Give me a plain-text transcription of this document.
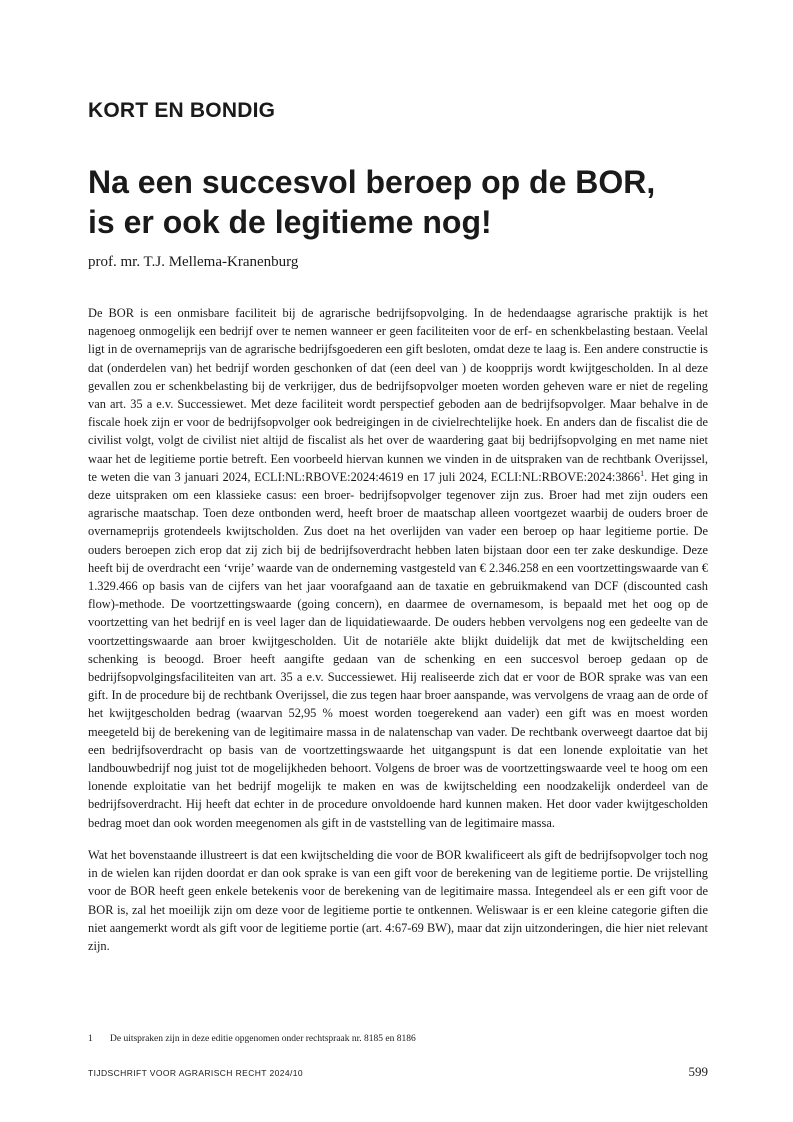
KORT EN BONDIG
Na een succesvol beroep op de BOR,
is er ook de legitieme nog!

prof. mr. T.J. Mellema-Kranenburg

De BOR is een onmisbare faciliteit bij de agrarische bedrijfsopvolging. In de hedendaagse agrarische praktijk is het nagenoeg onmogelijk een bedrijf over te nemen wanneer er geen faciliteiten voor de erf- en schenkbelasting bestaan. Veelal ligt in de overnameprijs van de agrarische bedrijfsgoederen een gift besloten, omdat deze te laag is. Een andere constructie is dat (onderdelen van) het bedrijf worden geschonken of dat (een deel van ) de koopprijs wordt kwijtgescholden. In al deze gevallen zou er schenkbelasting bij de verkrijger, dus de bedrijfsopvolger moeten worden geheven ware er niet de regeling van art. 35 a e.v. Successiewet. Met deze faciliteit wordt perspectief geboden aan de bedrijfsopvolger. Maar behalve in de fiscale hoek zijn er voor de bedrijfsopvolger ook bedreigingen in de civielrechtelijke hoek. En anders dan de fiscalist die de civilist volgt, volgt de civilist niet altijd de fiscalist als het over de waardering gaat bij bedrijfsopvolging en met name niet waar het de legitieme portie betreft. Een voorbeeld hiervan kunnen we vinden in de uitspraken van de rechtbank Overijssel, te weten die van 3 januari 2024, ECLI:NL:RBOVE:2024:4619 en 17 juli 2024, ECLI:NL:RBOVE:2024:3866$^1$. Het ging in deze uitspraken om een klassieke casus: een broer- bedrijfsopvolger tegenover zijn zus. Broer had met zijn ouders een agrarische maatschap. Toen deze ontbonden werd, heeft broer de maatschap alleen voortgezet waarbij de ouders broer de overnameprijs grotendeels kwijtscholden. Zus doet na het overlijden van vader een beroep op haar legitieme portie. De ouders beroepen zich erop dat zij zich bij de bedrijfsoverdracht hebben laten bijstaan door een ter zake deskundige. Deze heeft bij de overdracht een ‘vrije’ waarde van de onderneming vastgesteld van € 2.346.258 en een voortzettingswaarde van € 1.329.466 op basis van de cijfers van het jaar voorafgaand aan de taxatie en gebruikmakend van DCF (discounted cash flow)-methode. De voortzettingswaarde (going concern), en daarmee de overnamesom, is bepaald met het oog op de voortzetting van het bedrijf en is veel lager dan de liquidatiewaarde. De ouders hebben vervolgens nog een gedeelte van de voortzettingswaarde aan broer kwijtgescholden. Uit de notariële akte blijkt duidelijk dat met de kwijtschelding een schenking is beoogd. Broer heeft aangifte gedaan van de schenking en een succesvol beroep gedaan op de bedrijfsopvolgingsfaciliteiten van art. 35 a e.v. Successiewet. Hij realiseerde zich dat er voor de BOR sprake was van een gift. In de procedure bij de rechtbank Overijssel, die zus tegen haar broer aanspande, was vervolgens de vraag aan de orde of het kwijtgescholden bedrag (waarvan 52,95 % moest worden toegerekend aan vader) een gift was en moest worden meegeteld bij de berekening van de legitimaire massa in de nalatenschap van vader. De rechtbank overweegt daartoe dat bij een bedrijfsoverdracht op basis van de voortzettingswaarde het uitgangspunt is dat een lonende exploitatie van het landbouwbedrijf nog juist tot de mogelijkheden behoort. Volgens de broer was de voortzettingswaarde veel te hoog om een lonende exploitatie van het bedrijf mogelijk te maken en was de kwijtschelding een noodzakelijk onderdeel van de bedrijfsoverdracht. Hij heeft dat echter in de procedure onvoldoende hard kunnen maken. Het door vader kwijtgescholden bedrag moet dan ook worden meegenomen als gift in de vaststelling van de legitimaire massa.

Wat het bovenstaande illustreert is dat een kwijtschelding die voor de BOR kwalificeert als gift de bedrijfsopvolger toch nog in de wielen kan rijden doordat er dan ook sprake is van een gift voor de berekening van de legitieme portie. De vrijstelling voor de BOR heeft geen enkele betekenis voor de berekening van de legitimaire massa. Integendeel als er een gift voor de BOR is, zal het moeilijk zijn om deze voor de legitieme portie te ontkennen. Weliswaar is er een kleine categorie giften die niet aangemerkt wordt als gift voor de legitieme portie (art. 4:67-69 BW), maar dat zijn uitzonderingen, die hier niet relevant zijn.

1 De uitspraken zijn in deze editie opgenomen onder rechtspraak nr. 8185 en 8186
TIJDSCHRIFT VOOR AGRARISCH RECHT 2024/10	599
